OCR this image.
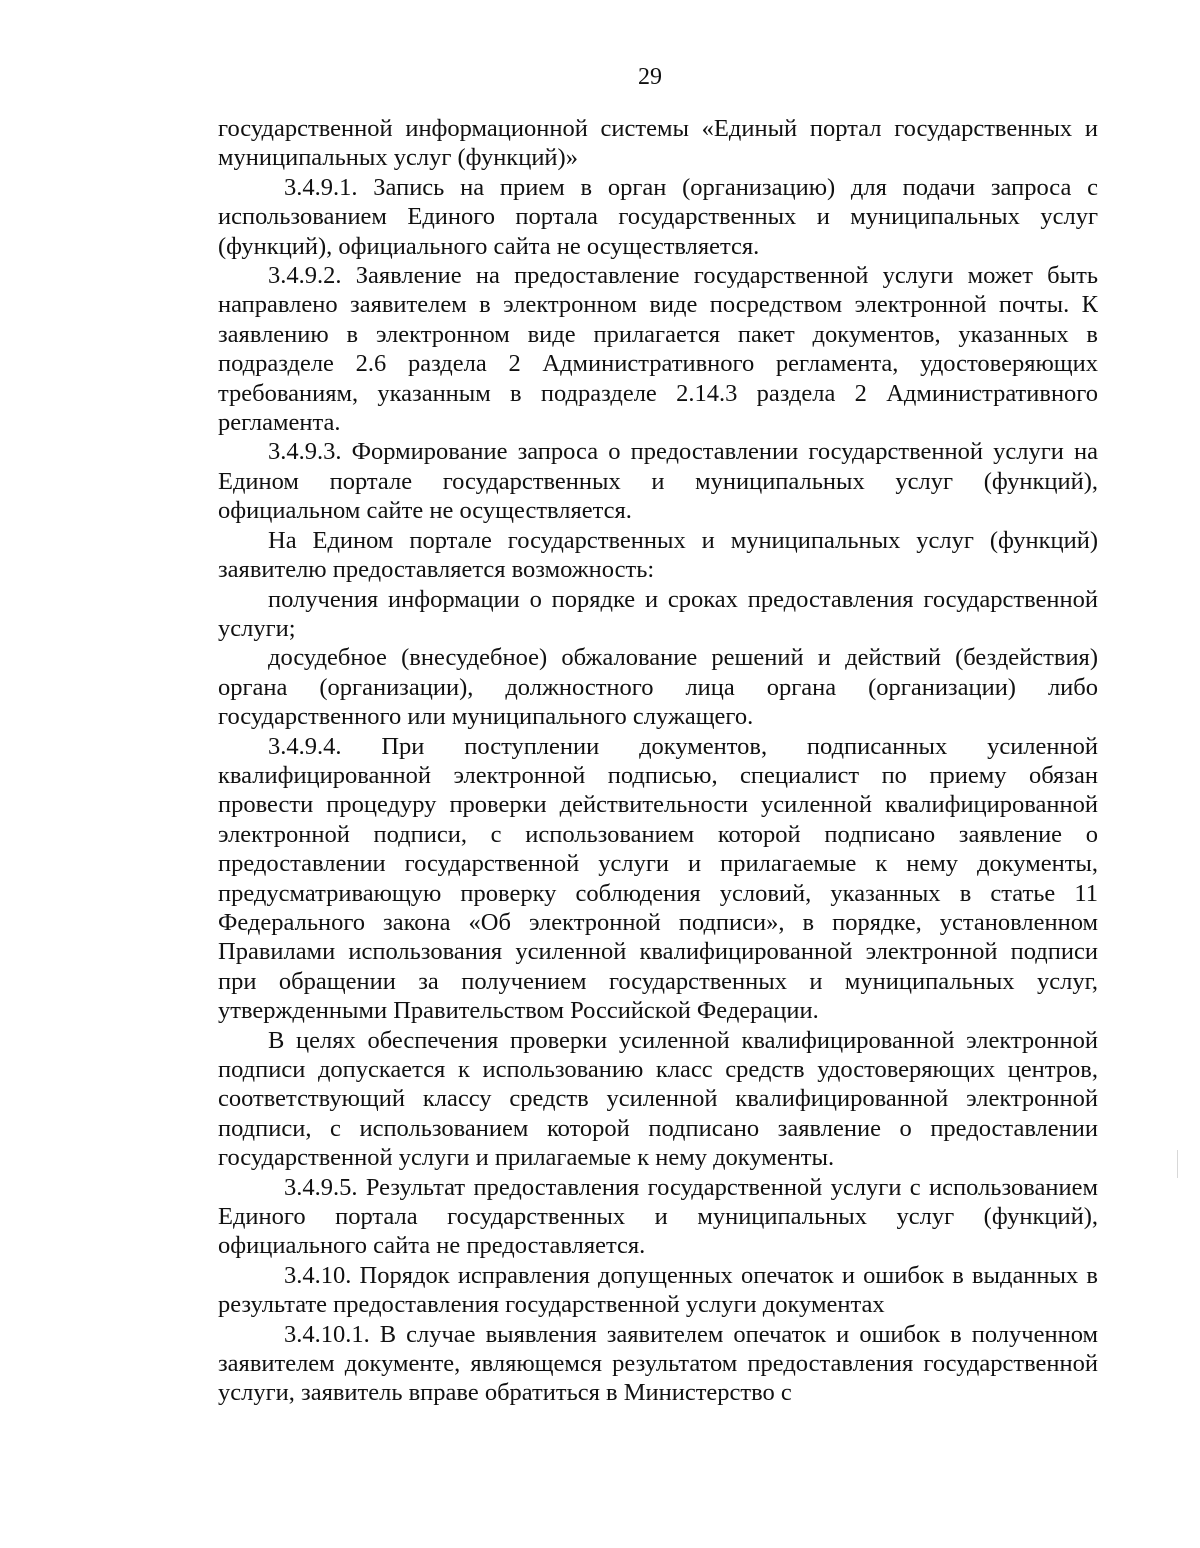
29

государственной информационной системы «Единый портал государственных и муниципальных услуг (функций)»

3.4.9.1. Запись на прием в орган (организацию) для подачи запроса с использованием Единого портала государственных и муниципальных услуг (функций), официального сайта не осуществляется.

3.4.9.2. Заявление на предоставление государственной услуги может быть направлено заявителем в электронном виде посредством электронной почты. К заявлению в электронном виде прилагается пакет документов, указанных в подразделе 2.6 раздела 2 Административного регламента, удостоверяющих требованиям, указанным в подразделе 2.14.3 раздела 2 Административного регламента.

3.4.9.3. Формирование запроса о предоставлении государственной услуги на Едином портале государственных и муниципальных услуг (функций), официальном сайте не осуществляется.

На Едином портале государственных и муниципальных услуг (функций) заявителю предоставляется возможность:

получения информации о порядке и сроках предоставления государственной услуги;

досудебное (внесудебное) обжалование решений и действий (бездействия) органа (организации), должностного лица органа (организации) либо государственного или муниципального служащего.

3.4.9.4. При поступлении документов, подписанных усиленной квалифицированной электронной подписью, специалист по приему обязан провести процедуру проверки действительности усиленной квалифицированной электронной подписи, с использованием которой подписано заявление о предоставлении государственной услуги и прилагаемые к нему документы, предусматривающую проверку соблюдения условий, указанных в статье 11 Федерального закона «Об электронной подписи», в порядке, установленном Правилами использования усиленной квалифицированной электронной подписи при обращении за получением государственных и муниципальных услуг, утвержденными Правительством Российской Федерации.

В целях обеспечения проверки усиленной квалифицированной электронной подписи допускается к использованию класс средств удостоверяющих центров, соответствующий классу средств усиленной квалифицированной электронной подписи, с использованием которой подписано заявление о предоставлении государственной услуги и прилагаемые к нему документы.

3.4.9.5. Результат предоставления государственной услуги с использованием Единого портала государственных и муниципальных услуг (функций), официального сайта не предоставляется.

3.4.10. Порядок исправления допущенных опечаток и ошибок в выданных в результате предоставления государственной услуги документах

3.4.10.1. В случае выявления заявителем опечаток и ошибок в полученном заявителем документе, являющемся результатом предоставления государственной услуги, заявитель вправе обратиться в Министерство с
